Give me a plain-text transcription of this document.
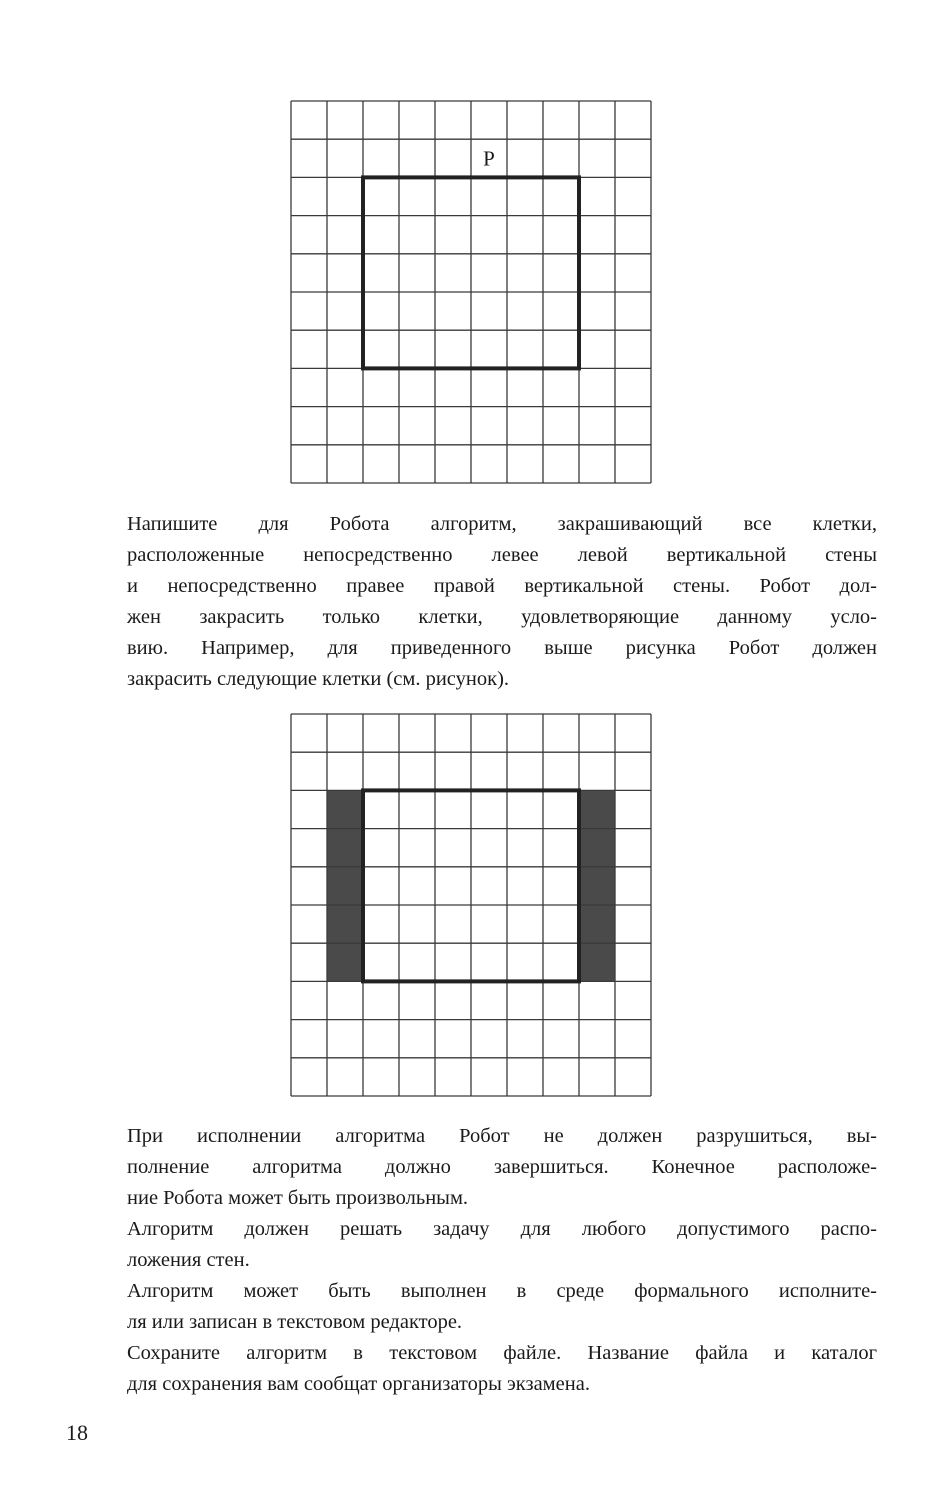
Р

Напишите для Робота алгоритм, закрашивающий все клетки,
расположенные непосредственно левее левой вертикальной стены
и непосредственно правее правой вертикальной стены. Робот дол-
жен закрасить только клетки, удовлетворяющие данному усло-
вию. Например, для приведенного выше рисунка Робот должен
закрасить следующие клетки (см. рисунок).

При исполнении алгоритма Робот не должен разрушиться, вы-
полнение алгоритма должно завершиться. Конечное расположе-
ние Робота может быть произвольным.
Алгоритм должен решать задачу для любого допустимого распо-
ложения стен.
Алгоритм может быть выполнен в среде формального исполните-
ля или записан в текстовом редакторе.
Сохраните алгоритм в текстовом файле. Название файла и каталог
для сохранения вам сообщат организаторы экзамена.

18
